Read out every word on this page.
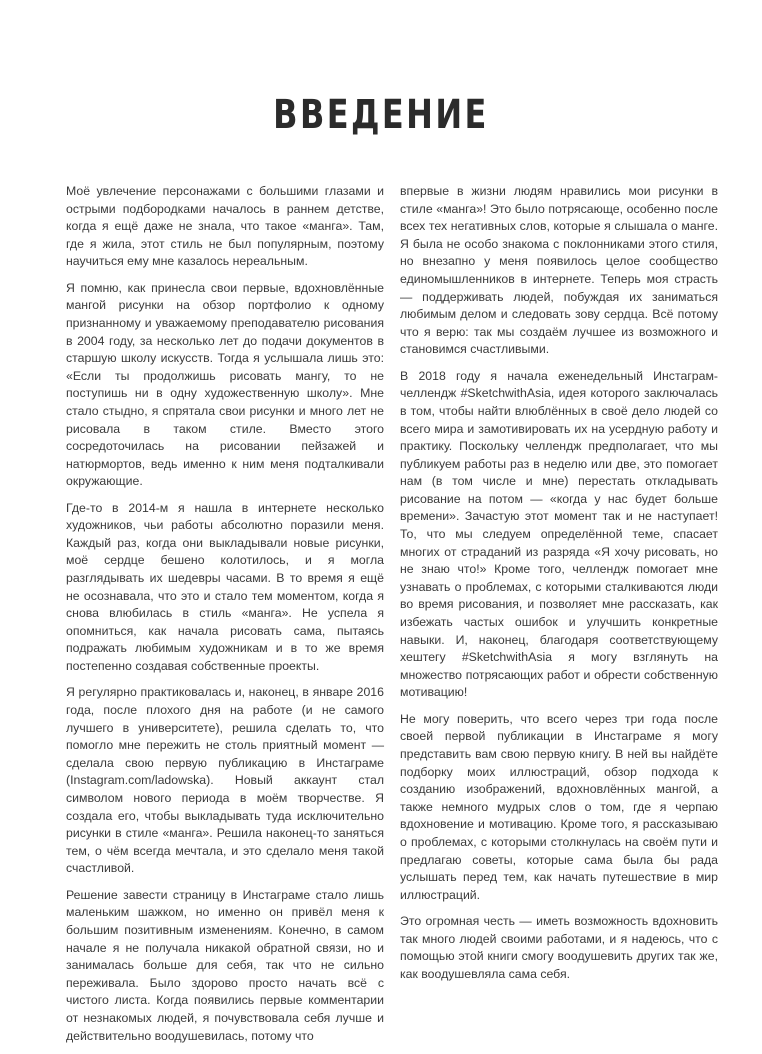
ВВЕДЕНИЕ

Моё увлечение персонажами с большими глазами и острыми подбородками началось в раннем детстве, когда я ещё даже не знала, что такое «манга». Там, где я жила, этот стиль не был популярным, поэтому научиться ему мне казалось нереальным.

Я помню, как принесла свои первые, вдохновлённые мангой рисунки на обзор портфолио к одному признанному и уважаемому преподавателю рисования в 2004 году, за несколько лет до подачи документов в старшую школу искусств. Тогда я услышала лишь это: «Если ты продолжишь рисовать мангу, то не поступишь ни в одну художественную школу». Мне стало стыдно, я спрятала свои рисунки и много лет не рисовала в таком стиле. Вместо этого сосредоточилась на рисовании пейзажей и натюрмортов, ведь именно к ним меня подталкивали окружающие.

Где-то в 2014-м я нашла в интернете несколько художников, чьи работы абсолютно поразили меня. Каждый раз, когда они выкладывали новые рисунки, моё сердце бешено колотилось, и я могла разглядывать их шедевры часами. В то время я ещё не осознавала, что это и стало тем моментом, когда я снова влюбилась в стиль «манга». Не успела я опомниться, как начала рисовать сама, пытаясь подражать любимым художникам и в то же время постепенно создавая собственные проекты.

Я регулярно практиковалась и, наконец, в январе 2016 года, после плохого дня на работе (и не самого лучшего в университете), решила сделать то, что помогло мне пережить не столь приятный момент — сделала свою первую публикацию в Инстаграме (Instagram.com/ladowska). Новый аккаунт стал символом нового периода в моём творчестве. Я создала его, чтобы выкладывать туда исключительно рисунки в стиле «манга». Решила наконец-то заняться тем, о чём всегда мечтала, и это сделало меня такой счастливой.

Решение завести страницу в Инстаграме стало лишь маленьким шажком, но именно он привёл меня к большим позитивным изменениям. Конечно, в самом начале я не получала никакой обратной связи, но и занималась больше для себя, так что не сильно переживала. Было здорово просто начать всё с чистого листа. Когда появились первые комментарии от незнакомых людей, я почувствовала себя лучше и действительно воодушевилась, потому что

впервые в жизни людям нравились мои рисунки в стиле «манга»! Это было потрясающе, особенно после всех тех негативных слов, которые я слышала о манге. Я была не особо знакома с поклонниками этого стиля, но внезапно у меня появилось целое сообщество единомышленников в интернете. Теперь моя страсть — поддерживать людей, побуждая их заниматься любимым делом и следовать зову сердца. Всё потому что я верю: так мы создаём лучшее из возможного и становимся счастливыми.

В 2018 году я начала еженедельный Инстаграм-челлендж #SketchwithAsia, идея которого заключалась в том, чтобы найти влюблённых в своё дело людей со всего мира и замотивировать их на усердную работу и практику. Поскольку челлендж предполагает, что мы публикуем работы раз в неделю или две, это помогает нам (в том числе и мне) перестать откладывать рисование на потом — «когда у нас будет больше времени». Зачастую этот момент так и не наступает! То, что мы следуем определённой теме, спасает многих от страданий из разряда «Я хочу рисовать, но не знаю что!» Кроме того, челлендж помогает мне узнавать о проблемах, с которыми сталкиваются люди во время рисования, и позволяет мне рассказать, как избежать частых ошибок и улучшить конкретные навыки. И, наконец, благодаря соответствующему хештегу #SketchwithAsia я могу взглянуть на множество потрясающих работ и обрести собственную мотивацию!

Не могу поверить, что всего через три года после своей первой публикации в Инстаграме я могу представить вам свою первую книгу. В ней вы найдёте подборку моих иллюстраций, обзор подхода к созданию изображений, вдохновлённых мангой, а также немного мудрых слов о том, где я черпаю вдохновение и мотивацию. Кроме того, я рассказываю о проблемах, с которыми столкнулась на своём пути и предлагаю советы, которые сама была бы рада услышать перед тем, как начать путешествие в мир иллюстраций.

Это огромная честь — иметь возможность вдохновить так много людей своими работами, и я надеюсь, что с помощью этой книги смогу воодушевить других так же, как воодушевляла сама себя.
